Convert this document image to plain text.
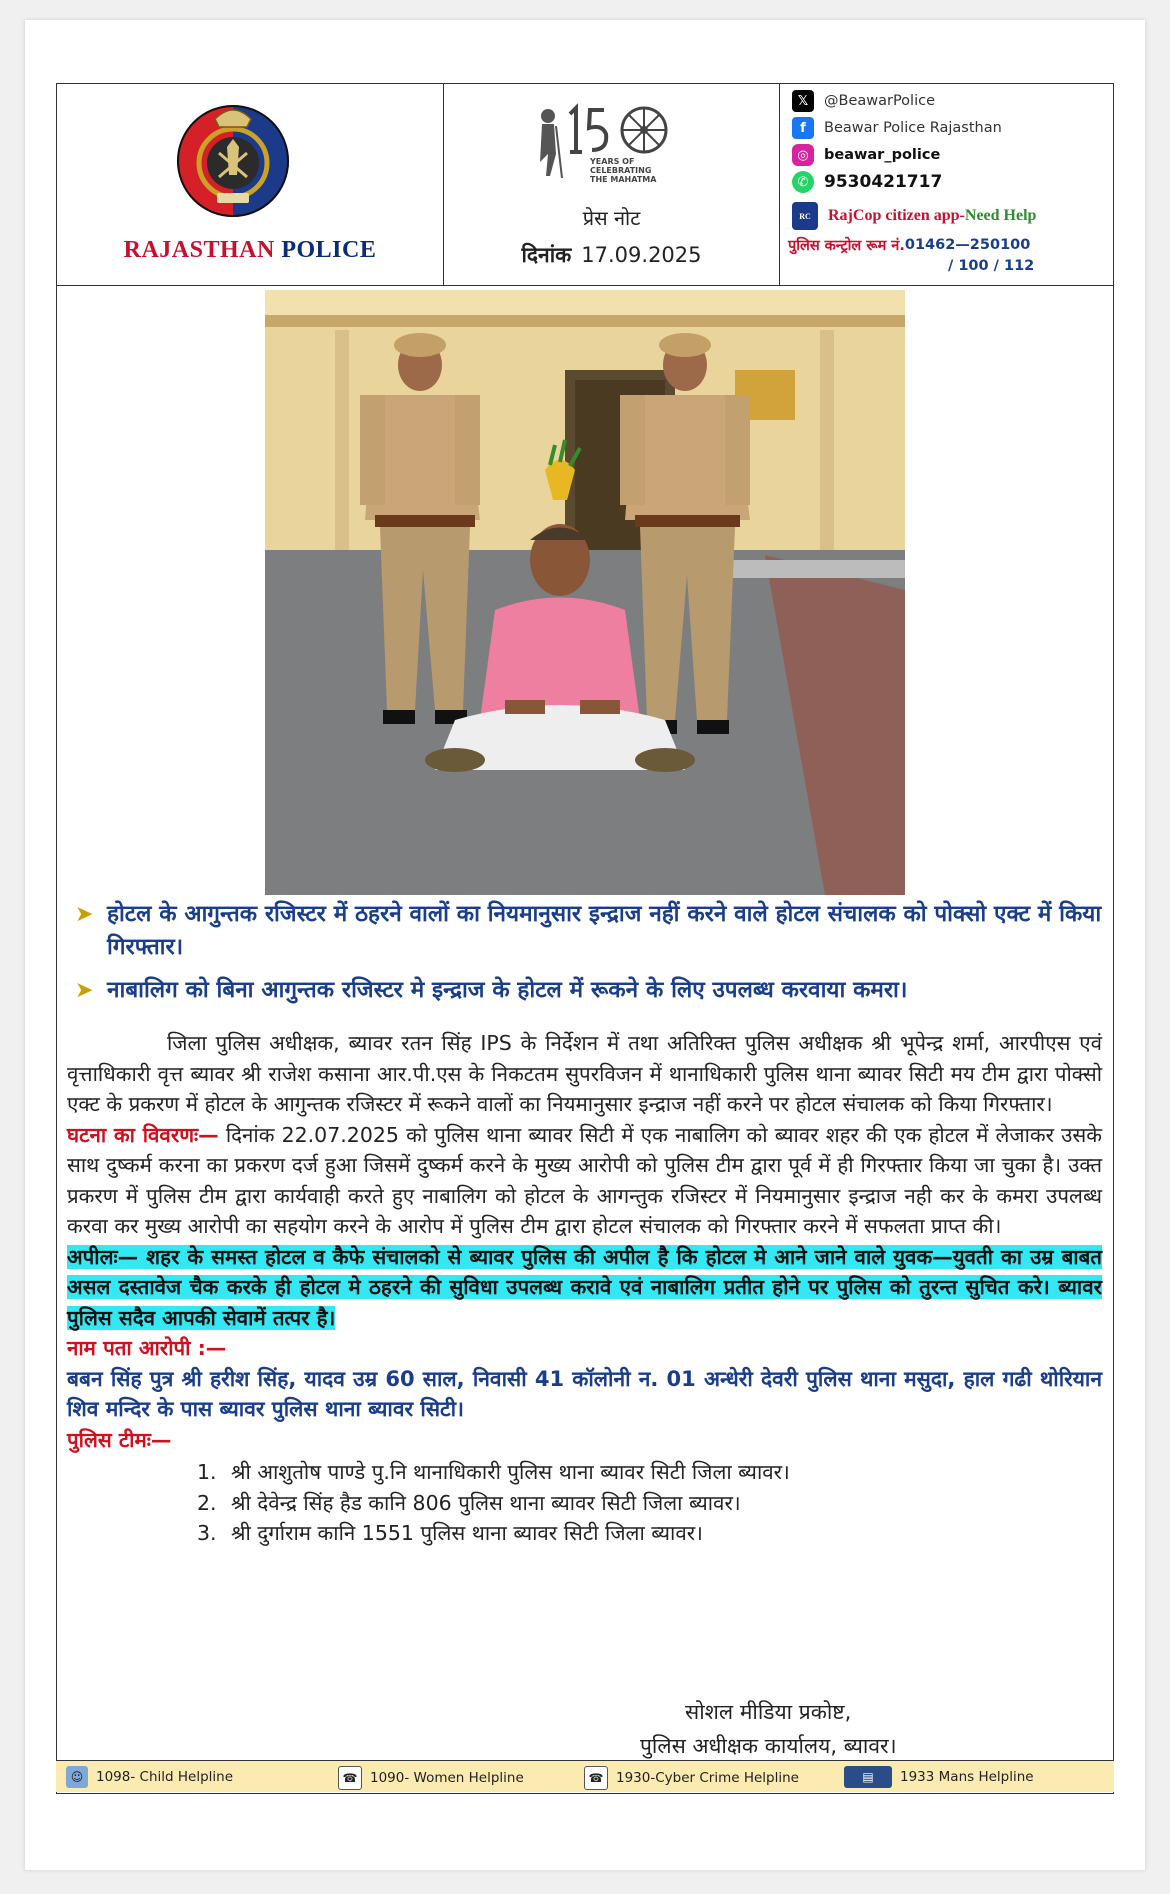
RAJASTHAN POLICE
YEARS OF
CELEBRATING
THE MAHATMA
प्रेस नोट
दिनांक 17.09.2025
𝕏	@BeawarPolice
f	Beawar Police Rajasthan
◎	beawar_police
✆ 9530421717
RC	RajCop citizen app- Need Help
पुलिस कन्ट्रोल रूम नं. 01462—250100
/ 100 / 112
➤ होटल के आगुन्तक रजिस्टर में ठहरने वालों का नियमानुसार इन्द्राज नहीं करने वाले होटल संचालक को पोक्सो एक्ट में किया गिरफ्तार।
➤ नाबालिग को बिना आगुन्तक रजिस्टर मे इन्द्राज के होटल में रूकने के लिए उपलब्ध करवाया कमरा।

जिला पुलिस अधीक्षक, ब्यावर रतन सिंह IPS के निर्देशन में तथा अतिरिक्त पुलिस अधीक्षक श्री भूपेन्द्र शर्मा, आरपीएस एवं वृत्ताधिकारी वृत्त ब्यावर श्री राजेश कसाना आर.पी.एस के निकटतम सुपरविजन में थानाधिकारी पुलिस थाना ब्यावर सिटी मय टीम द्वारा पोक्सो एक्ट के प्रकरण में होटल के आगुन्तक रजिस्टर में रूकने वालों का नियमानुसार इन्द्राज नहीं करने पर होटल संचालक को किया गिरफ्तार।

घटना का विवरणः— दिनांक 22.07.2025 को पुलिस थाना ब्यावर सिटी में एक नाबालिग को ब्यावर शहर की एक होटल में लेजाकर उसके साथ दुष्कर्म करना का प्रकरण दर्ज हुआ जिसमें दुष्कर्म करने के मुख्य आरोपी को पुलिस टीम द्वारा पूर्व में ही गिरफ्तार किया जा चुका है। उक्त प्रकरण में पुलिस टीम द्वारा कार्यवाही करते हुए नाबालिग को होटल के आगन्तुक रजिस्टर में नियमानुसार इन्द्राज नही कर के कमरा उपलब्ध करवा कर मुख्य आरोपी का सहयोग करने के आरोप में पुलिस टीम द्वारा होटल संचालक को गिरफ्तार करने में सफलता प्राप्त की।

अपीलः— शहर के समस्त होटल व कैफे संचालको से ब्यावर पुलिस की अपील है कि होटल मे आने जाने वाले युवक—युवती का उम्र बाबत असल दस्तावेज चैक करके ही होटल मे ठहरने की सुविधा उपलब्ध करावे एवं नाबालिग प्रतीत होने पर पुलिस को तुरन्त सुचित करे। ब्यावर पुलिस सदैव आपकी सेवामें तत्पर है।

नाम पता आरोपी :—

बबन सिंह पुत्र श्री हरीश सिंह, यादव उम्र 60 साल, निवासी 41 कॉलोनी न. 01 अन्धेरी देवरी पुलिस थाना मसुदा, हाल गढी थोरियान शिव मन्दिर के पास ब्यावर पुलिस थाना ब्यावर सिटी।

पुलिस टीमः—

1. श्री आशुतोष पाण्डे पु.नि थानाधिकारी पुलिस थाना ब्यावर सिटी जिला ब्यावर।
2. श्री देवेन्द्र सिंह हैड कानि 806 पुलिस थाना ब्यावर सिटी जिला ब्यावर।
3. श्री दुर्गाराम कानि 1551 पुलिस थाना ब्यावर सिटी जिला ब्यावर।
सोशल मीडिया प्रकोष्ट,
पुलिस अधीक्षक कार्यालय, ब्यावर।
☺ 1098- Child Helpline	☎ 1090- Women Helpline	☎ 1930-Cyber Crime Helpline	▤	1933 Mans Helpline
